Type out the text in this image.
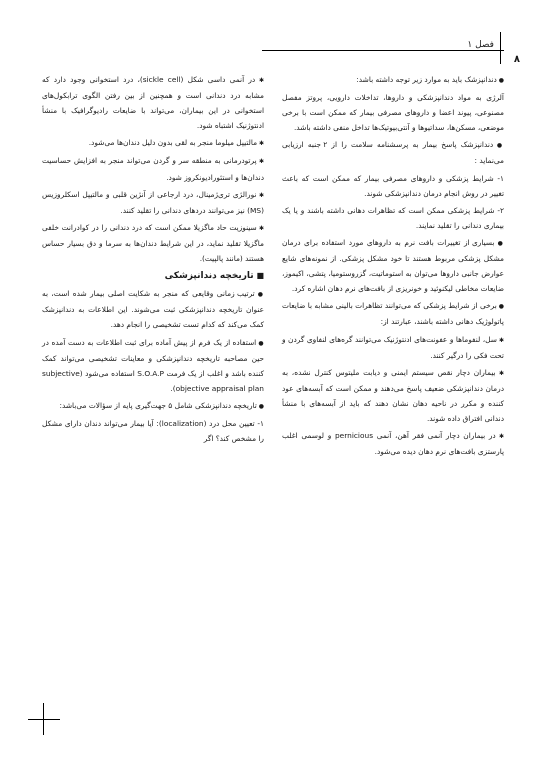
فصل ۱
۸

● دندانپزشک باید به موارد زیر توجه داشته باشد:

آلرژی به مواد دندانپزشکی و داروها، تداخلات دارویی، پروتز مفصل مصنوعی، پیوند اعضا و داروهای مصرفی بیمار که ممکن است با برخی موضعی، مسکن‌ها، سداتیوها و آنتی‌بیوتیک‌ها تداخل منفی داشته باشد.

● دندانپزشک پاسخ بیمار به پرسشنامه سلامت را از ۲ جنبه ارزیابی می‌نماید :

۱- شرایط پزشکی و داروهای مصرفی بیمار که ممکن است که باعث تغییر در روش انجام درمان دندانپزشکی شوند.

۲- شرایط پزشکی ممکن است که تظاهرات دهانی داشته باشند و یا یک بیماری دندانی را تقلید نمایند.

● بسیاری از تغییرات بافت نرم به داروهای مورد استفاده برای درمان مشکل پزشکی مربوط هستند تا خود مشکل پزشکی. از نمونه‌های شایع عوارض جانبی داروها می‌توان به استوماتیت، گزروستومیا، پتشی، اکیموز، ضایعات مخاطی لیکنوئید و خونریزی از بافت‌های نرم دهان اشاره کرد.

● برخی از شرایط پزشکی که می‌توانند تظاهرات بالینی مشابه با ضایعات پاتولوژیک دهانی داشته باشند، عبارتند از:

✱ سل، لنفوماها و عفونت‌های ادنتوژنیک می‌توانند گره‌های لنفاوی گردن و تحت فکی را درگیر کنند.

✱ بیماران دچار نقص سیستم ایمنی و دیابت ملیتوس کنترل نشده، به درمان دندانپزشکی ضعیف پاسخ می‌دهند و ممکن است که آبسه‌های عود کننده و مکرر در ناحیه دهان نشان دهند که باید از آبسه‌های با منشأ دندانی افتراق داده شوند.

✱ در بیماران دچار آنمی فقر آهن، آنمی pernicious و لوسمی اغلب پارستزی بافت‌های نرم دهان دیده می‌شود.

✱ در آنمی داسی شکل (sickle cell)، درد استخوانی وجود دارد که مشابه درد دندانی است و همچنین از بین رفتن الگوی ترابکول‌های استخوانی در این بیماران، می‌تواند با ضایعات رادیوگرافیک با منشأ ادنتوژنیک اشتباه شود.

✱ مالتیپل میلوما منجر به لقی بدون دلیل دندان‌ها می‌شود.

✱ پرتودرمانی به منطقه سر و گردن می‌تواند منجر به افزایش حساسیت دندان‌ها و استئورادیونکروز شود.

✱ نورالژی تری‌ژمینال، درد ارجاعی از آنژین قلبی و مالتیپل اسکلروزیس (MS) نیز می‌توانند دردهای دندانی را تقلید کنند.

✱ سینوزیت حاد ماگزیلا ممکن است که درد دندانی را در کوادرانت خلفی ماگزیلا تقلید نماید، در این شرایط دندان‌ها به سرما و دق بسیار حساس هستند (مانند پالپیت).

■ تاریخچه دندانپزشکی

● ترتیب زمانی وقایعی که منجر به شکایت اصلی بیمار شده است، به عنوان تاریخچه دندانپزشکی ثبت می‌شوند. این اطلاعات به دندانپزشک کمک می‌کند که کدام تست تشخیصی را انجام دهد.

● استفاده از یک فرم از پیش آماده برای ثبت اطلاعات به دست آمده در حین مصاحبه تاریخچه دندانپزشکی و معاینات تشخیصی می‌تواند کمک کننده باشد و اغلب از یک فرمت S.O.A.P استفاده می‌شود (subjective objective appraisal plan).

● تاریخچه دندانپزشکی شامل ۵ جهت‌گیری پایه از سؤالات می‌باشد:

۱- تعیین محل درد (localization): آیا بیمار می‌تواند دندان دارای مشکل را مشخص کند؟ اگر
